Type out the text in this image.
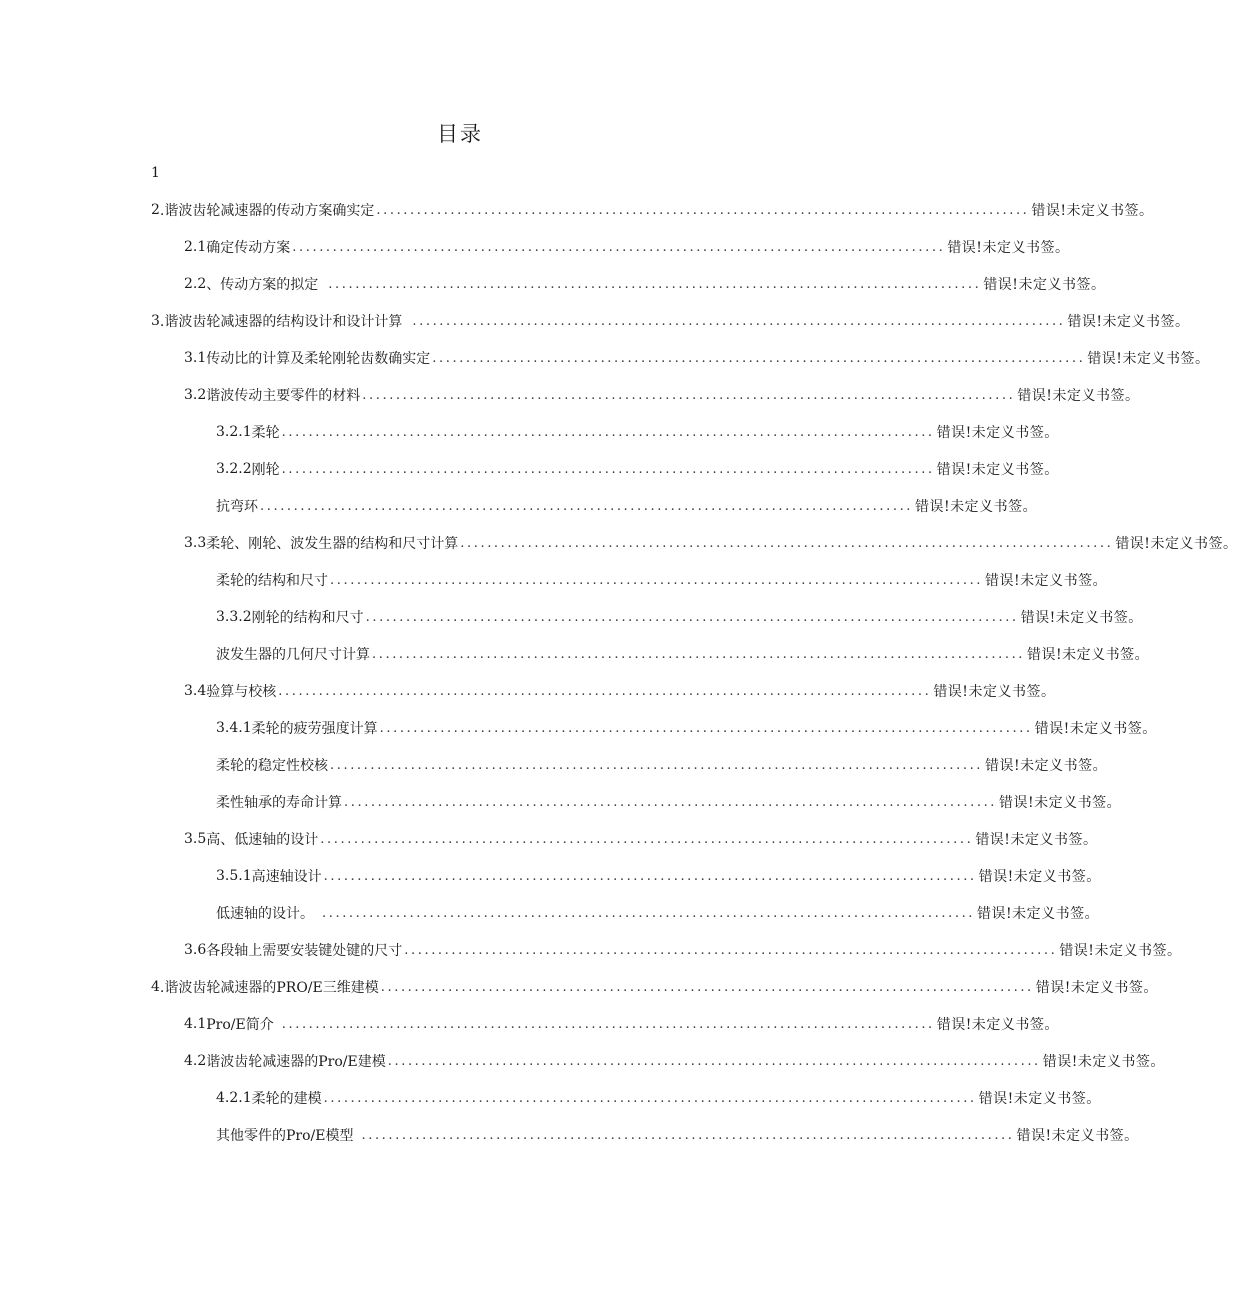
目录
1
2 .谐波齿轮减速器的传动方案确实定 ................................................................................................. 错误!未定义书签。
2.1 确定传动方案 ................................................................................................. 错误!未定义书签。
2.2 、传动方案的拟定 ................................................................................................. 错误!未定义书签。
3 .谐波齿轮减速器的结构设计和设计计算 ................................................................................................. 错误!未定义书签。
3.1 传动比的计算及柔轮刚轮齿数确实定 ................................................................................................. 错误!未定义书签。
3.2 谐波传动主要零件的材料 ................................................................................................. 错误!未定义书签。
3.2.1 柔轮 ................................................................................................. 错误!未定义书签。
3.2.2 刚轮 ................................................................................................. 错误!未定义书签。
抗弯环 ................................................................................................. 错误!未定义书签。
3.3 柔轮、刚轮、波发生器的结构和尺寸计算 ................................................................................................. 错误!未定义书签。
柔轮的结构和尺寸 ................................................................................................. 错误!未定义书签。
3.3.2 刚轮的结构和尺寸 ................................................................................................. 错误!未定义书签。
波发生器的几何尺寸计算 ................................................................................................. 错误!未定义书签。
3.4 验算与校核 ................................................................................................. 错误!未定义书签。
3.4.1 柔轮的疲劳强度计算 ................................................................................................. 错误!未定义书签。
柔轮的稳定性校核 ................................................................................................. 错误!未定义书签。
柔性轴承的寿命计算 ................................................................................................. 错误!未定义书签。
3.5 高、低速轴的设计 ................................................................................................. 错误!未定义书签。
3.5.1 高速轴设计 ................................................................................................. 错误!未定义书签。
低速轴的设计。 ................................................................................................. 错误!未定义书签。
3.6 各段轴上需要安装键处键的尺寸 ................................................................................................. 错误!未定义书签。
4 .谐波齿轮减速器的PRO/E三维建模 ................................................................................................. 错误!未定义书签。
4.1 Pro/E简介 ................................................................................................. 错误!未定义书签。
4.2 谐波齿轮减速器的Pro/E建模 ................................................................................................. 错误!未定义书签。
4.2.1 柔轮的建模 ................................................................................................. 错误!未定义书签。
其他零件的Pro/E模型 ................................................................................................. 错误!未定义书签。
